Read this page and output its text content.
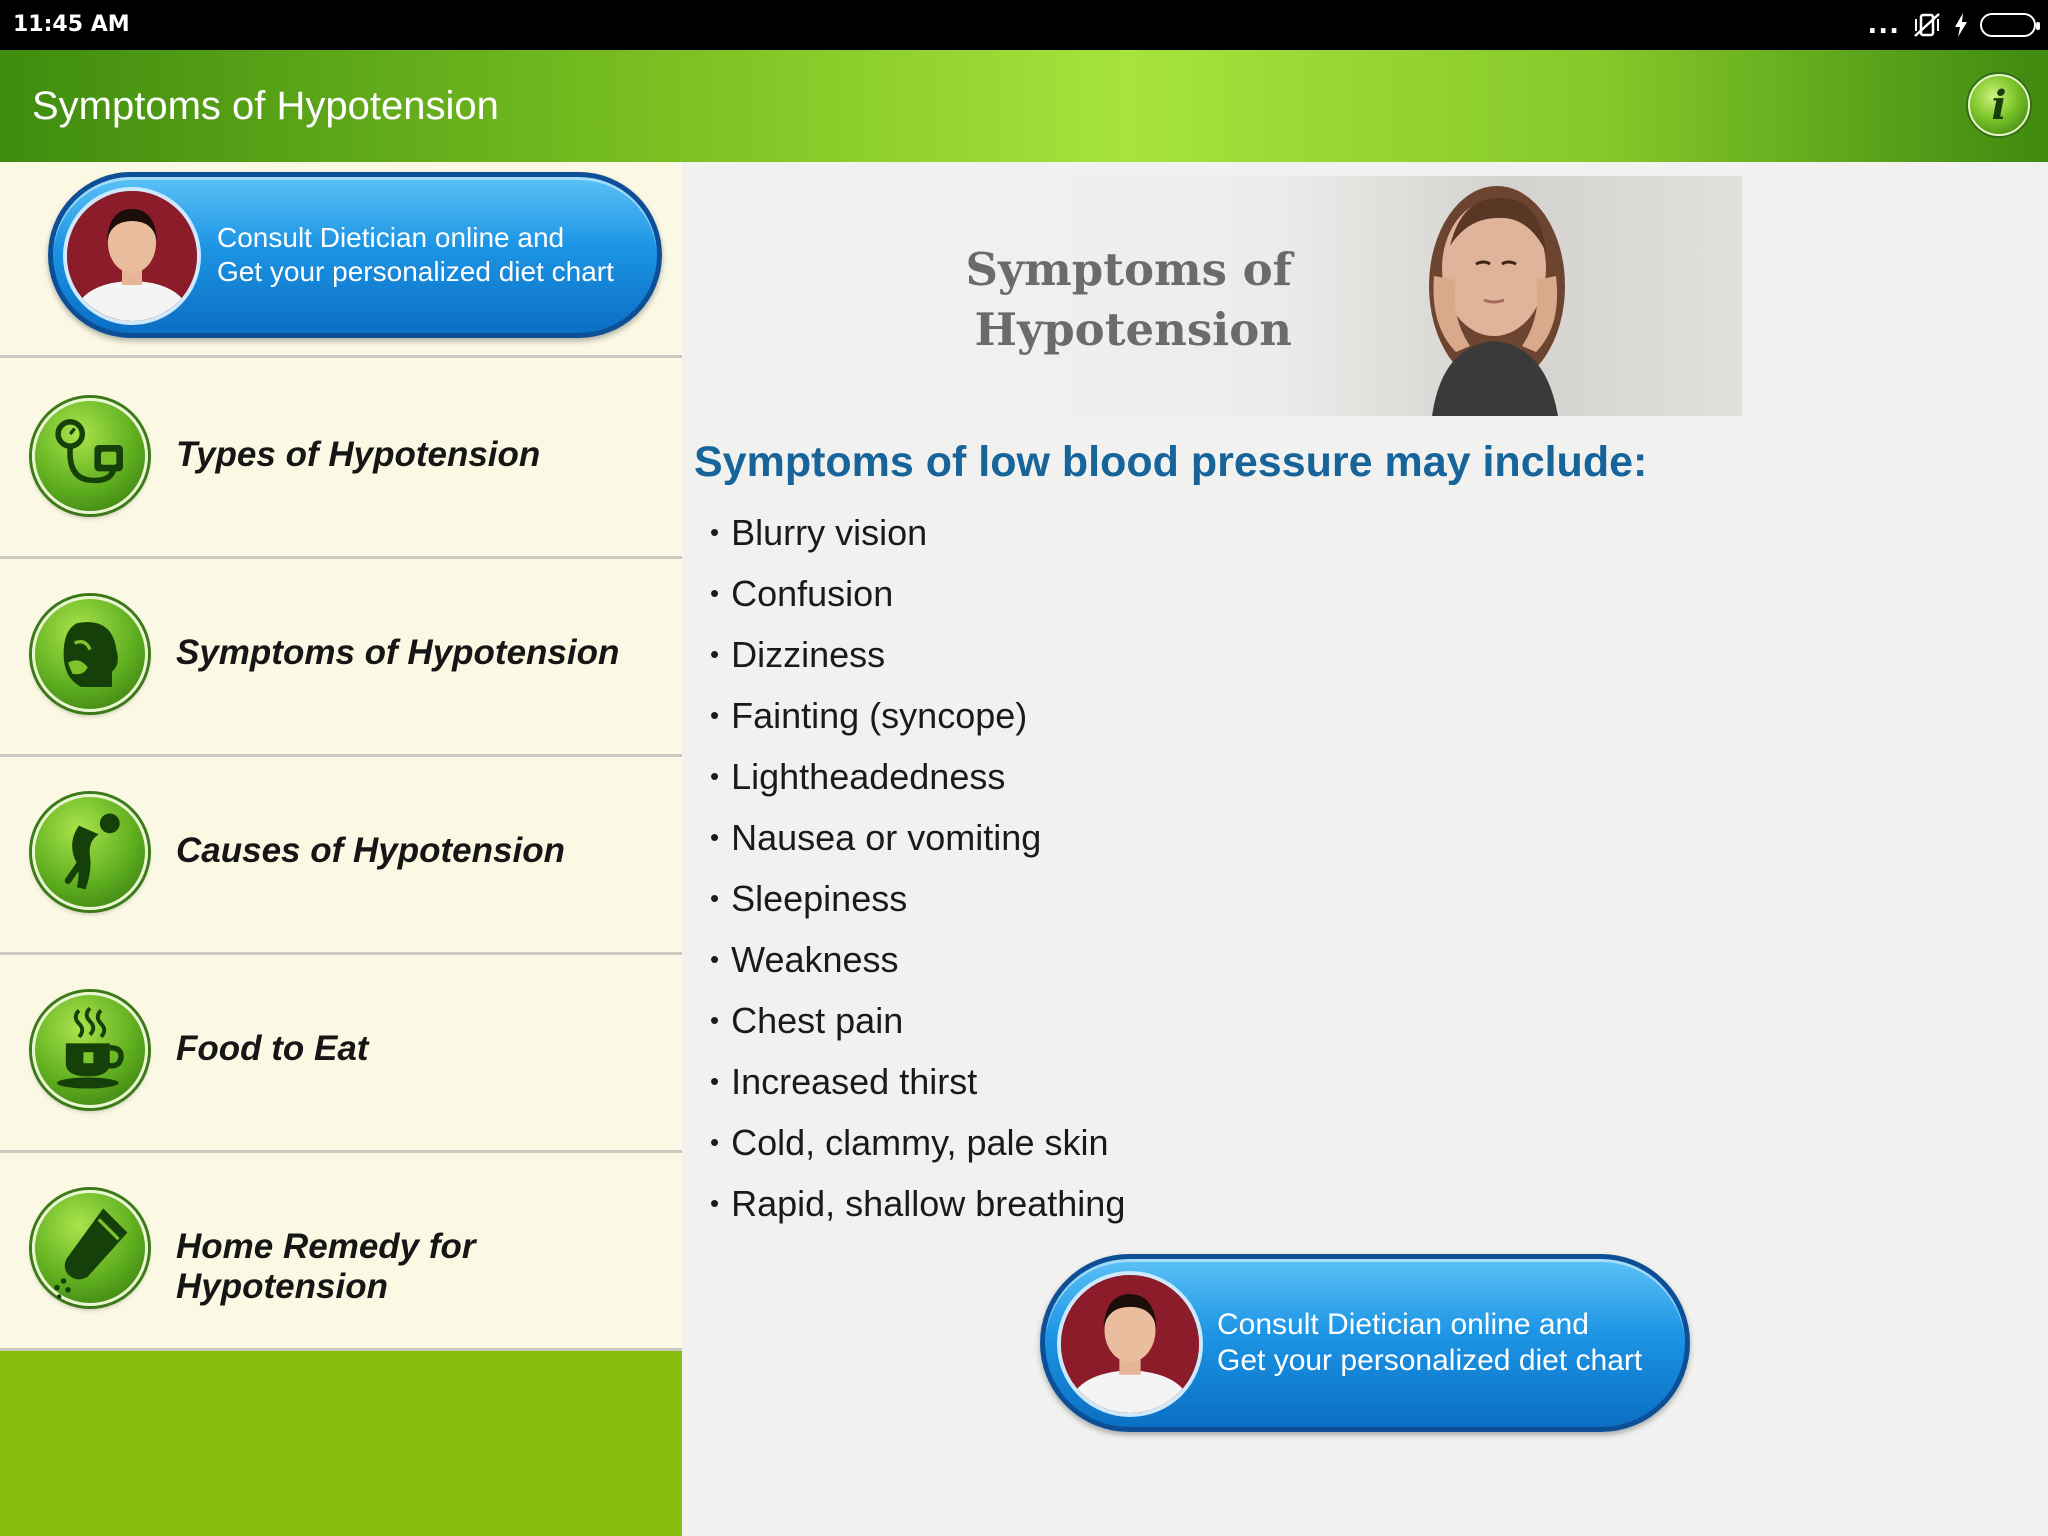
11:45 AM	...
Symptoms of Hypotension	i
Consult Dietician online and
Get your personalized diet chart
Types of Hypotension
Symptoms of Hypotension
Causes of Hypotension
Food to Eat
Home Remedy for Hypotension
Symptoms of Hypotension
Symptoms of low blood pressure may include:
• Blurry vision
• Confusion
• Dizziness
• Fainting (syncope)
• Lightheadedness
• Nausea or vomiting
• Sleepiness
• Weakness
• Chest pain
• Increased thirst
• Cold, clammy, pale skin
• Rapid, shallow breathing
Consult Dietician online and
Get your personalized diet chart
